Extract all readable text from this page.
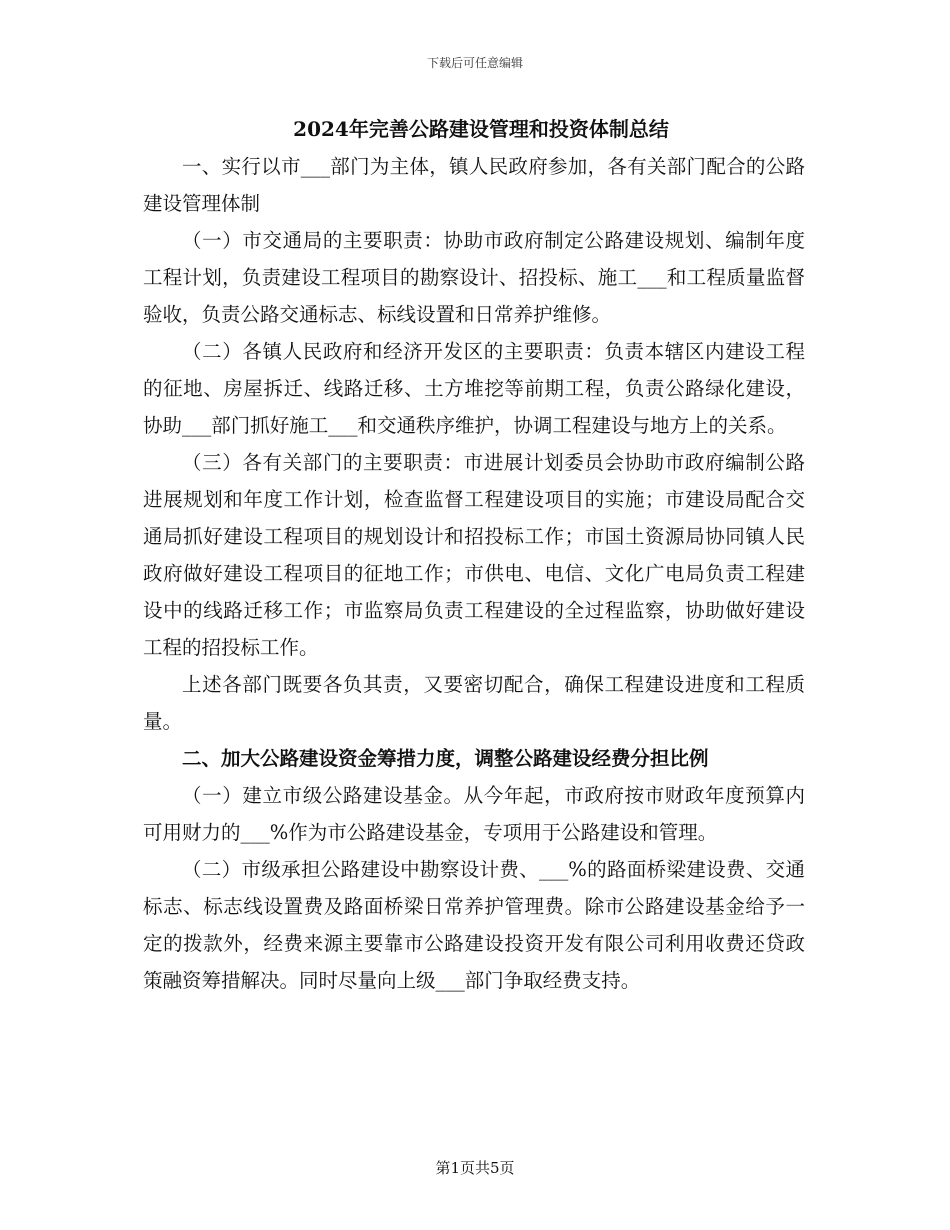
下载后可任意编辑
2024年完善公路建设管理和投资体制总结

一、实行以市___部门为主体，镇人民政府参加，各有关部门配合的公路建设管理体制

（一）市交通局的主要职责：协助市政府制定公路建设规划、编制年度工程计划，负责建设工程项目的勘察设计、招投标、施工___和工程质量监督验收，负责公路交通标志、标线设置和日常养护维修。

（二）各镇人民政府和经济开发区的主要职责：负责本辖区内建设工程的征地、房屋拆迁、线路迁移、土方堆挖等前期工程，负责公路绿化建设，协助___部门抓好施工___和交通秩序维护，协调工程建设与地方上的关系。

（三）各有关部门的主要职责：市进展计划委员会协助市政府编制公路进展规划和年度工作计划，检查监督工程建设项目的实施；市建设局配合交通局抓好建设工程项目的规划设计和招投标工作；市国土资源局协同镇人民政府做好建设工程项目的征地工作；市供电、电信、文化广电局负责工程建设中的线路迁移工作；市监察局负责工程建设的全过程监察，协助做好建设工程的招投标工作。

上述各部门既要各负其责，又要密切配合，确保工程建设进度和工程质量。

二、加大公路建设资金筹措力度，调整公路建设经费分担比例

（一）建立市级公路建设基金。从今年起，市政府按市财政年度预算内可用财力的___%作为市公路建设基金，专项用于公路建设和管理。

（二）市级承担公路建设中勘察设计费、___%的路面桥梁建设费、交通标志、标志线设置费及路面桥梁日常养护管理费。除市公路建设基金给予一定的拨款外，经费来源主要靠市公路建设投资开发有限公司利用收费还贷政策融资筹措解决。同时尽量向上级___部门争取经费支持。

第1页共5页
